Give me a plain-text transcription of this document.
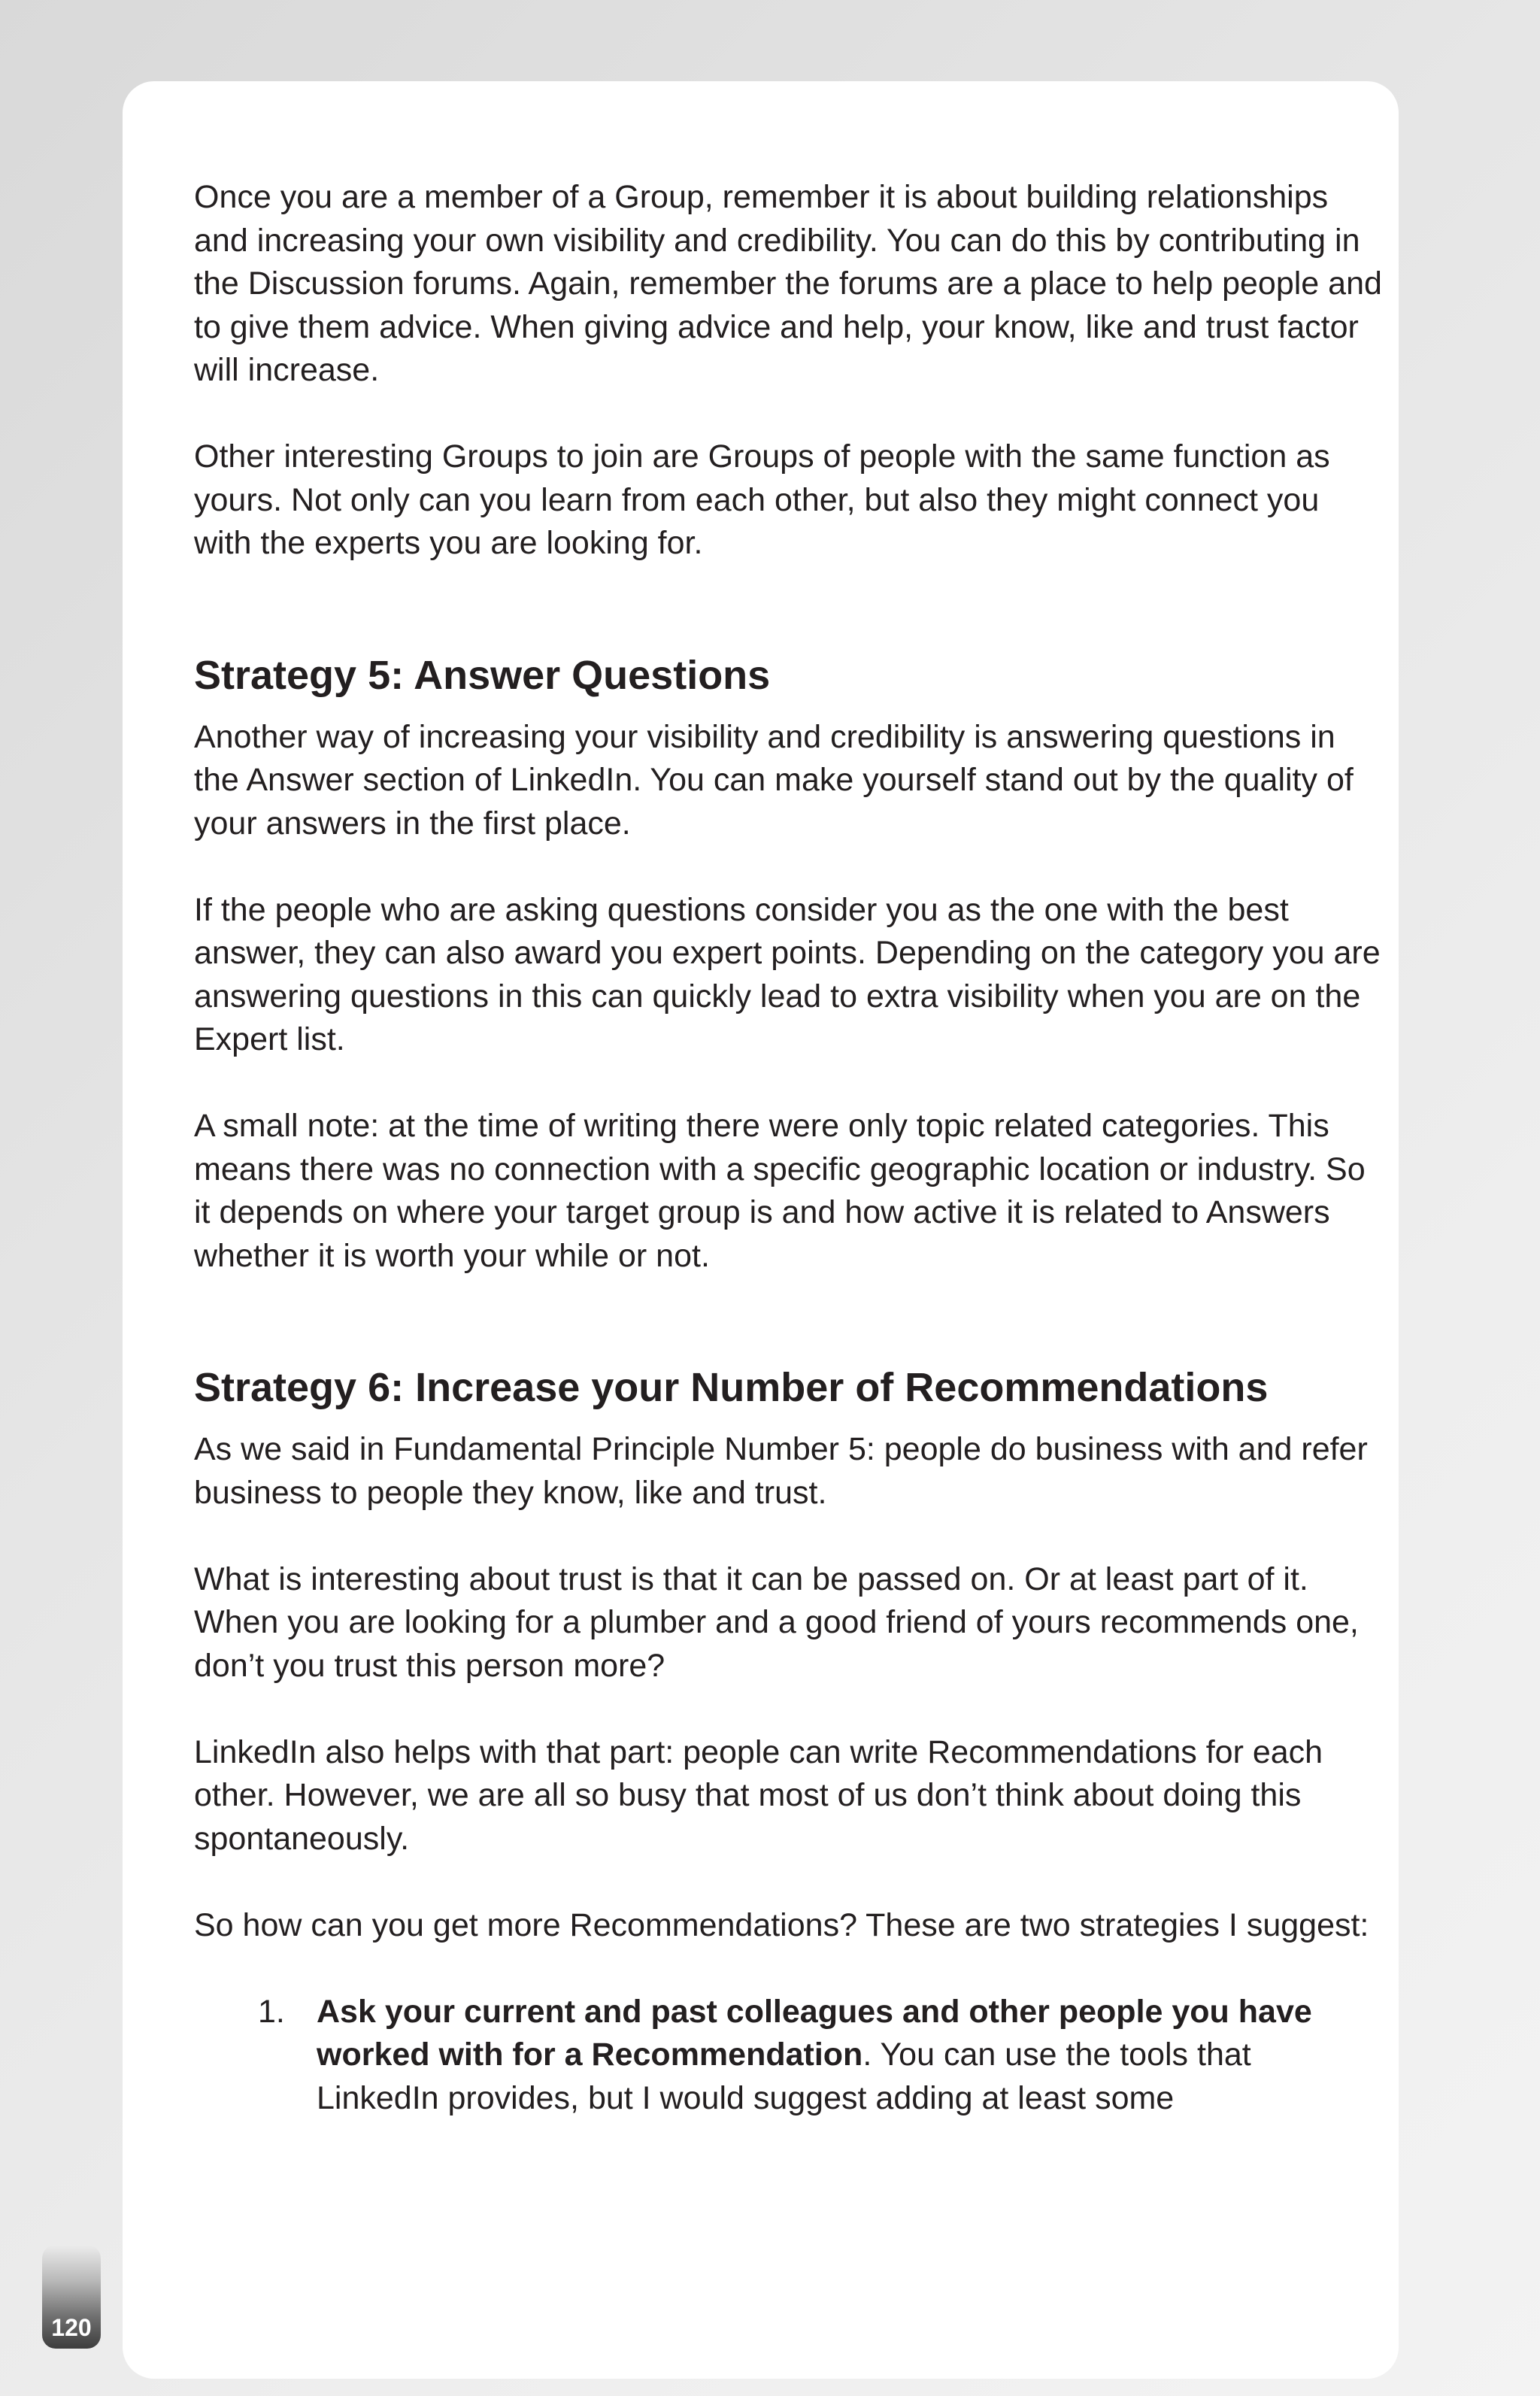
Once you are a member of a Group, remember it is about building relationships and increasing your own visibility and credibility. You can do this by contributing in the Discussion forums. Again, remember the forums are a place to help people and to give them advice. When giving advice and help, your know, like and trust factor will increase.

Other interesting Groups to join are Groups of people with the same function as yours. Not only can you learn from each other, but also they might connect you with the experts you are looking for.

Strategy 5: Answer Questions

Another way of increasing your visibility and credibility is answering questions in the Answer section of LinkedIn. You can make yourself stand out by the quality of your answers in the first place.

If the people who are asking questions consider you as the one with the best answer, they can also award you expert points. Depending on the category you are answering questions in this can quickly lead to extra visibility when you are on the Expert list.

A small note: at the time of writing there were only topic related categories. This means there was no connection with a specific geographic location or industry. So it depends on where your target group is and how active it is related to Answers whether it is worth your while or not.

Strategy 6: Increase your Number of Recommendations

As we said in Fundamental Principle Number 5: people do business with and refer business to people they know, like and trust.

What is interesting about trust is that it can be passed on. Or at least part of it. When you are looking for a plumber and a good friend of yours recommends one, don’t you trust this person more?

LinkedIn also helps with that part: people can write Recommendations for each other. However, we are all so busy that most of us don’t think about doing this spontaneously.

So how can you get more Recommendations? These are two strategies I suggest:

1. Ask your current and past colleagues and other people you have worked with for a Recommendation. You can use the tools that LinkedIn provides, but I would suggest adding at least some
120
